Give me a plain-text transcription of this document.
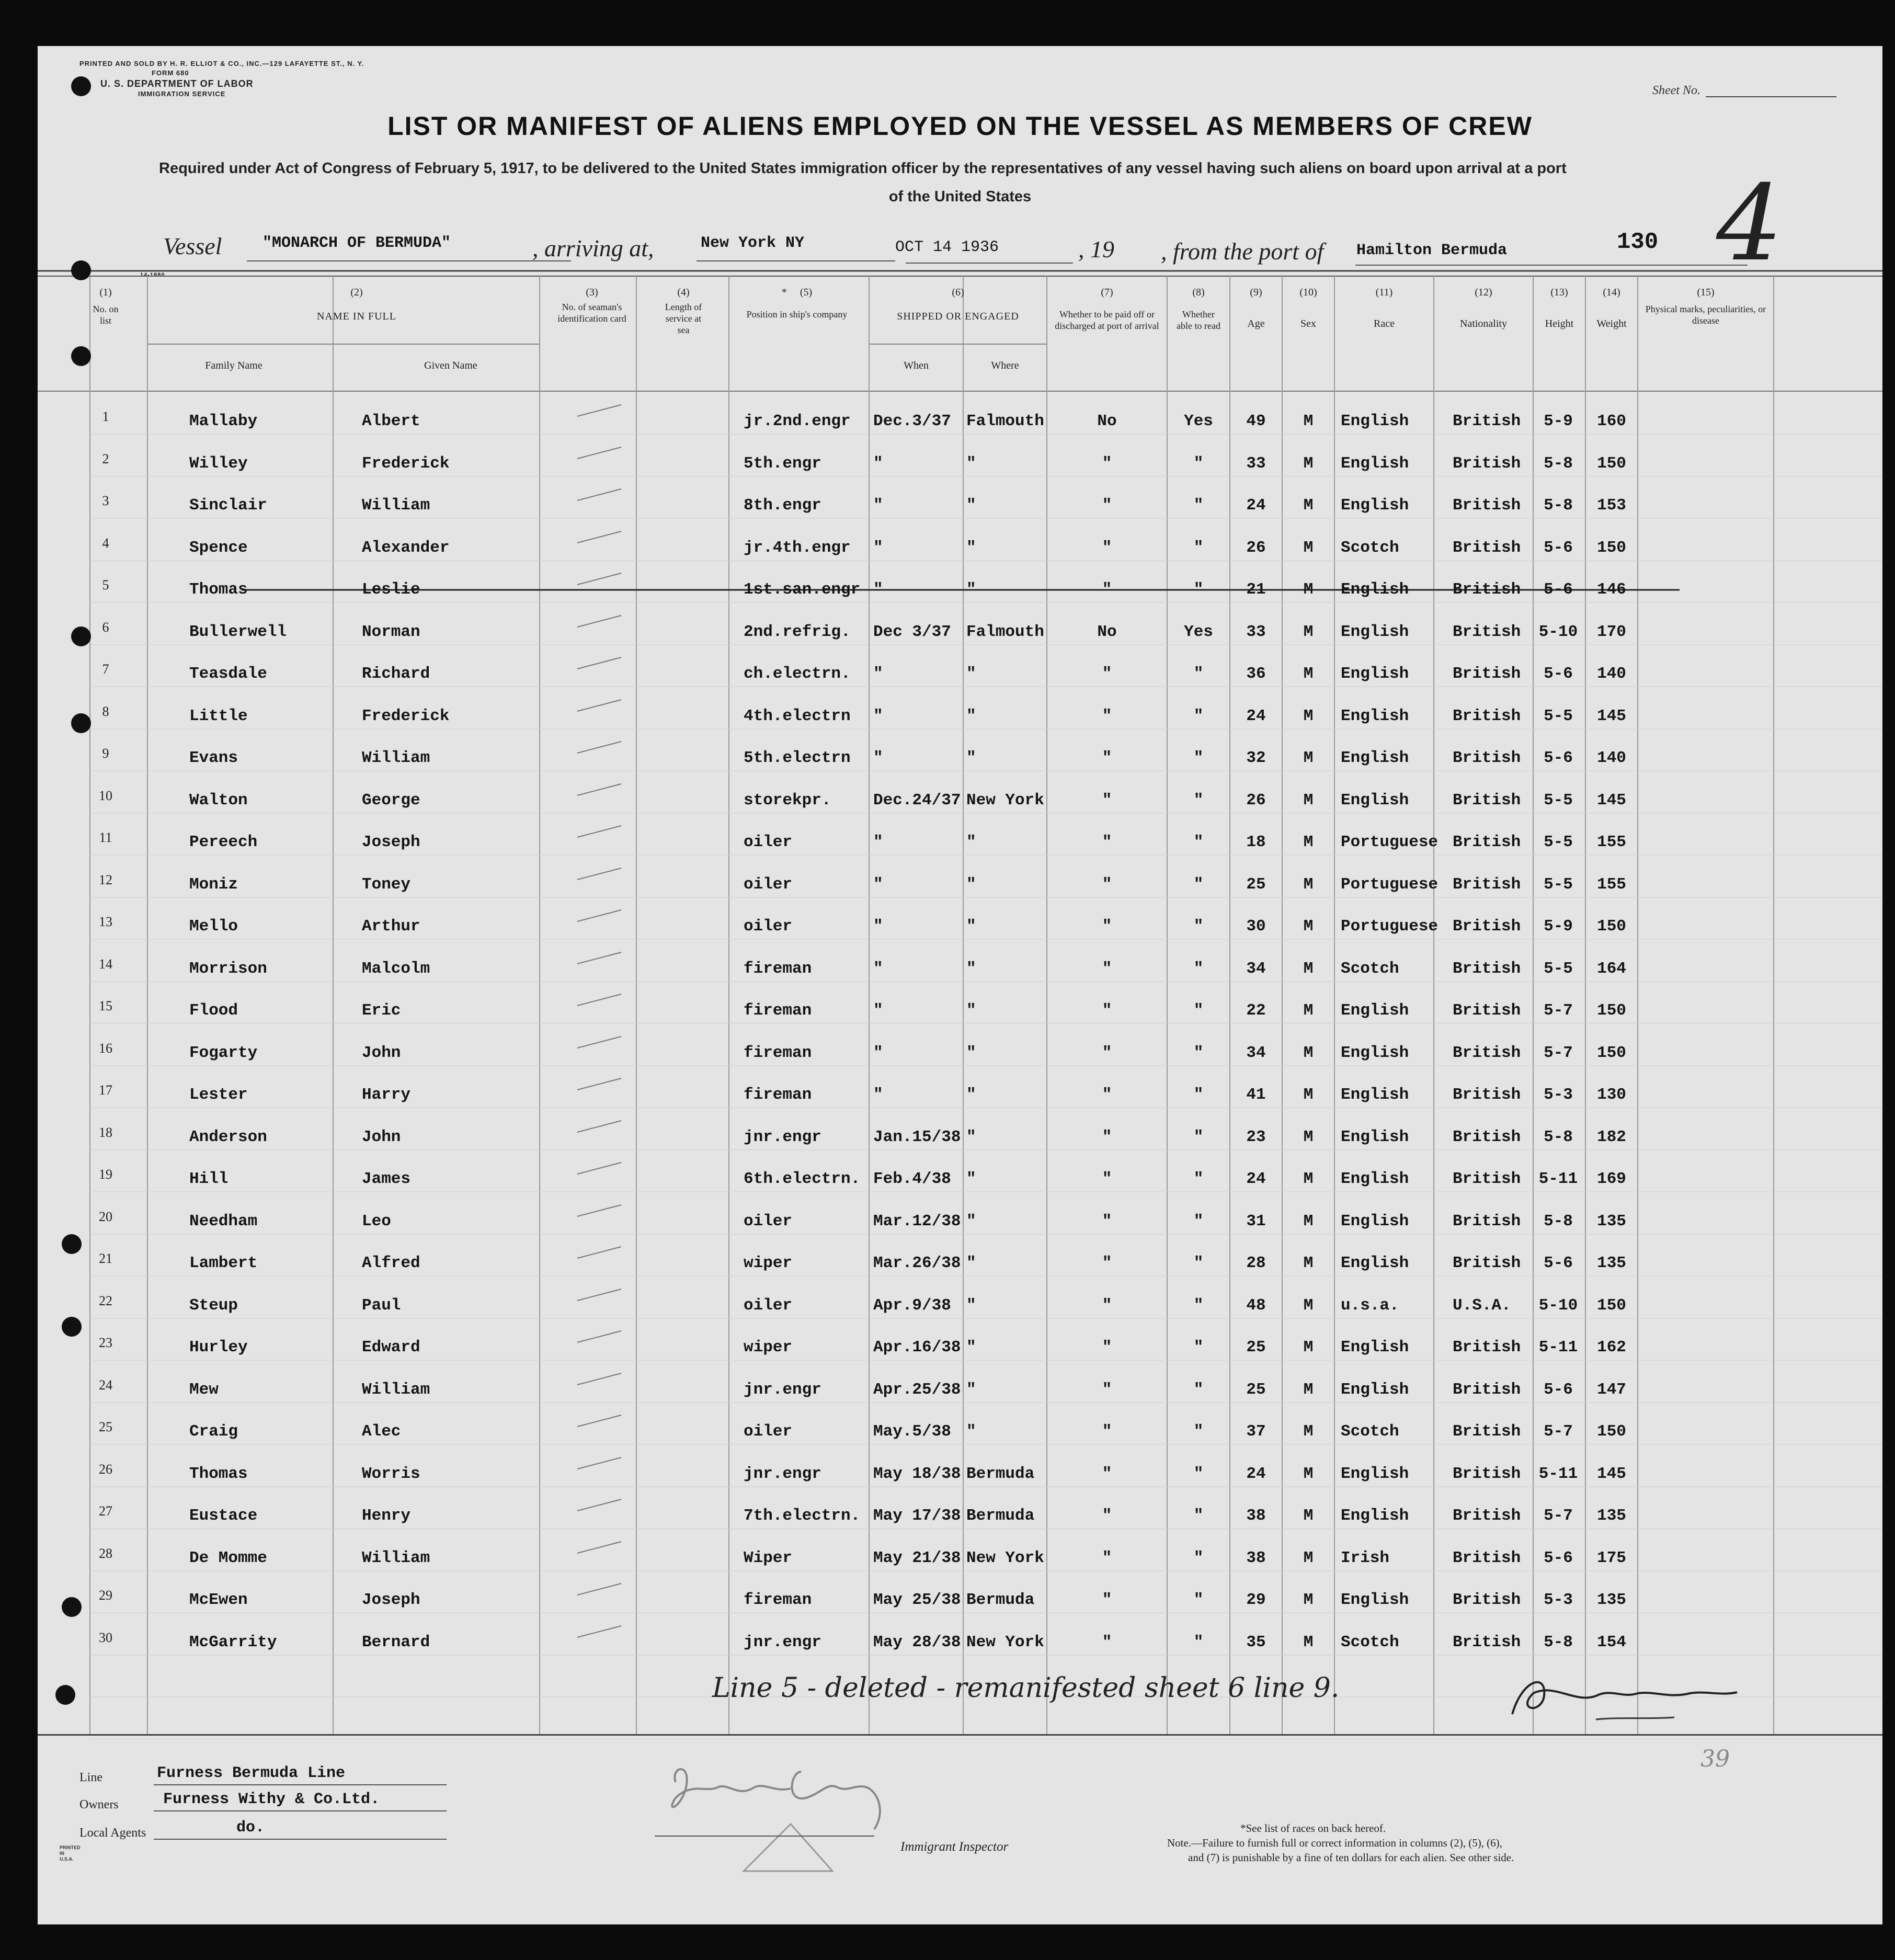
PRINTED AND SOLD BY H. R. ELLIOT & CO., INC.—129 LAFAYETTE ST., N. Y.
FORM 680
U. S. DEPARTMENT OF LABOR
IMMIGRATION SERVICE	Sheet No.
LIST OR MANIFEST OF ALIENS EMPLOYED ON THE VESSEL AS MEMBERS OF CREW
Required under Act of Congress of February 5, 1917, to be delivered to the United States immigration officer by the representatives of any vessel having such aliens on board upon arrival at a port
of the United States
Vessel	"MONARCH OF BERMUDA"	, arriving at,	New York NY	OCT 14 1936	, 19 , from the port of Hamilton Bermuda	130 4
14-1880
(1)
No. on list
(2)
NAME IN FULL
Family Name	Given Name
(3)
No. of seaman's identification card
(4)
Length of service at sea
* (5)
Position in ship's company
(6)
SHIPPED OR ENGAGED
When	Where
(7)
Whether to be paid off or discharged at port of arrival
(8)
Whether able to read
(9)
Age
(10)
Sex
(11)
Race
(12)
Nationality
(13)
Height
(14)
Weight
(15)
Physical marks, peculiarities, or disease
1	Mallaby	Albert	jr.2nd.engr	Dec.3/37 Falmouth	No	Yes	49	M	English	British	5-9	160
2	Willey	Frederick	5th.engr	"	"	"	"	33	M	English	British	5-8	150
3	Sinclair	William	8th.engr	"	"	"	"	24	M	English	British	5-8	153
4	Spence	Alexander	jr.4th.engr	"	"	"	"	26	M	Scotch	British	5-6	150
5	Thomas	Leslie	1st.san.engr "	"	"	"	21	M	English	British	5-6	146
6	Bullerwell	Norman	2nd.refrig.	Dec 3/37 Falmouth	No	Yes	33	M	English	British	5-10	170
7	Teasdale	Richard	ch.electrn.	"	"	"	"	36	M	English	British	5-6	140
8	Little	Frederick	4th.electrn	"	"	"	"	24	M	English	British	5-5	145
9	Evans	William	5th.electrn	"	"	"	"	32	M	English	British	5-6	140
10	Walton	George	storekpr.	Dec.24/37 New York	"	"	26	M	English	British	5-5	145
11	Pereech	Joseph	oiler	"	"	"	"	18	M	Portuguese British	5-5	155
12	Moniz	Toney	oiler	"	"	"	"	25	M	Portuguese British	5-5	155
13	Mello	Arthur	oiler	"	"	"	"	30	M	Portuguese British	5-9	150
14	Morrison	Malcolm	fireman	"	"	"	"	34	M	Scotch	British	5-5	164
15	Flood	Eric	fireman	"	"	"	"	22	M	English	British	5-7	150
16	Fogarty	John	fireman	"	"	"	"	34	M	English	British	5-7	150
17	Lester	Harry	fireman	"	"	"	"	41	M	English	British	5-3	130
18	Anderson	John	jnr.engr	Jan.15/38 "	"	"	23	M	English	British	5-8	182
19	Hill	James	6th.electrn. Feb.4/38 "	"	"	24	M	English	British	5-11	169
20	Needham	Leo	oiler	Mar.12/38 "	"	"	31	M	English	British	5-8	135
21	Lambert	Alfred	wiper	Mar.26/38 "	"	"	28	M	English	British	5-6	135
22	Steup	Paul	oiler	Apr.9/38 "	"	"	48	M	u.s.a.	U.S.A.	5-10	150
23	Hurley	Edward	wiper	Apr.16/38 "	"	"	25	M	English	British	5-11	162
24	Mew	William	jnr.engr	Apr.25/38 "	"	"	25	M	English	British	5-6	147
25	Craig	Alec	oiler	May.5/38 "	"	"	37	M	Scotch	British	5-7	150
26	Thomas	Worris	jnr.engr	May 18/38 Bermuda	"	"	24	M	English	British	5-11	145
27	Eustace	Henry	7th.electrn. May 17/38 Bermuda	"	"	38	M	English	British	5-7	135
28	De Momme	William	Wiper	May 21/38 New York	"	"	38	M	Irish	British	5-6	175
29	McEwen	Joseph	fireman	May 25/38 Bermuda	"	"	29	M	English	British	5-3	135
30	McGarrity	Bernard	jnr.engr	May 28/38 New York	"	"	35	M	Scotch	British	5-8	154
Line 5 - deleted - remanifested sheet 6 line 9.
Line	Furness Bermuda Line
Owners	Furness Withy & Co.Ltd.
Local Agents	do.
Immigrant Inspector
*See list of races on back hereof.
Note.—Failure to furnish full or correct information in columns (2), (5), (6),
and (7) is punishable by a fine of ten dollars for each alien. See other side.
39
PRINTED IN U.S.A.
